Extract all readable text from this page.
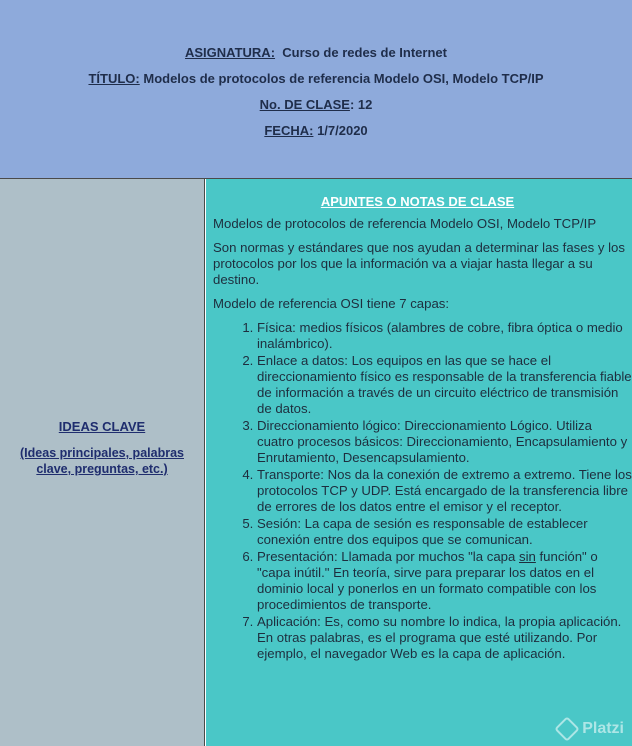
ASIGNATURA: Curso de redes de Internet
TÍTULO: Modelos de protocolos de referencia Modelo OSI, Modelo TCP/IP
No. DE CLASE: 12
FECHA: 1/7/2020
IDEAS CLAVE
(Ideas principales, palabras clave, preguntas, etc.)
APUNTES O NOTAS DE CLASE

Modelos de protocolos de referencia Modelo OSI, Modelo TCP/IP

Son normas y estándares que nos ayudan a determinar las fases y los protocolos por los que la información va a viajar hasta llegar a su destino.

Modelo de referencia OSI tiene 7 capas:

1. Física: medios físicos (alambres de cobre, fibra óptica o medio inalámbrico).
2. Enlace a datos: Los equipos en las que se hace el direccionamiento físico es responsable de la transferencia fiable de información a través de un circuito eléctrico de transmisión de datos.
3. Direccionamiento lógico: Direccionamiento Lógico. Utiliza cuatro procesos básicos: Direccionamiento, Encapsulamiento y Enrutamiento, Desencapsulamiento.
4. Transporte: Nos da la conexión de extremo a extremo. Tiene los protocolos TCP y UDP. Está encargado de la transferencia libre de errores de los datos entre el emisor y el receptor.
5. Sesión: La capa de sesión es responsable de establecer conexión entre dos equipos que se comunican.
6. Presentación: Llamada por muchos "la capa sin función" o "capa inútil." En teoría, sirve para preparar los datos en el dominio local y ponerlos en un formato compatible con los procedimientos de transporte.
7. Aplicación: Es, como su nombre lo indica, la propia aplicación. En otras palabras, es el programa que esté utilizando. Por ejemplo, el navegador Web es la capa de aplicación.
Platzi
